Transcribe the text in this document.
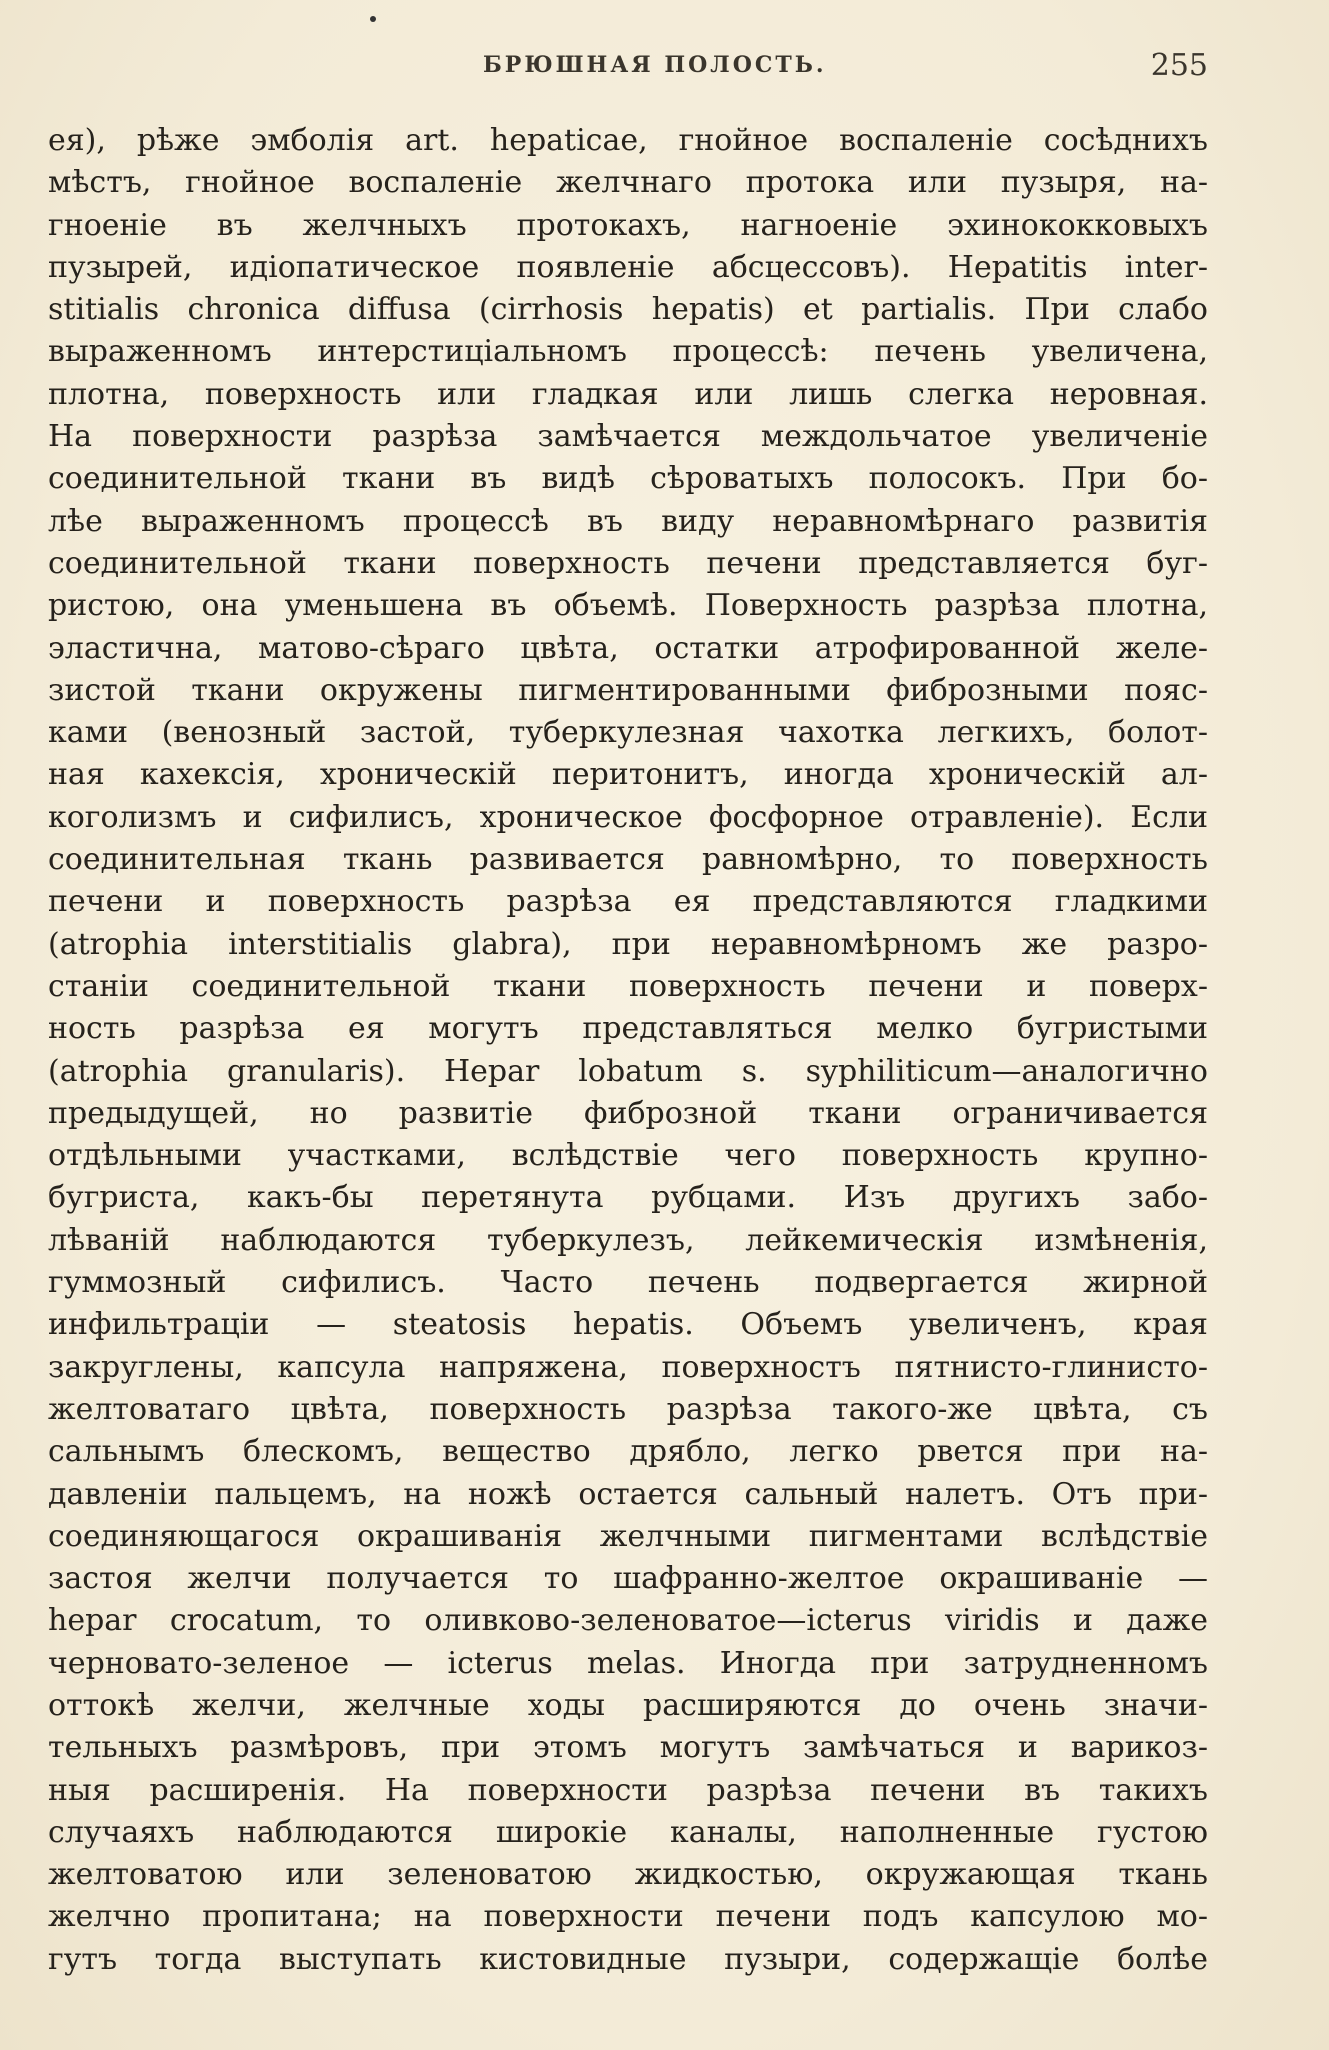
БРЮШНАЯ ПОЛОСТЬ.	255
ея), рѣже эмболія art. hepaticae, гнойное воспаленіе сосѣднихъ
мѣстъ, гнойное воспаленіе желчнаго протока или пузыря, на-
гноеніе въ желчныхъ протокахъ, нагноеніе эхинококковыхъ
пузырей, идіопатическое появленіе абсцессовъ). Hepatitis inter-
stitialis chronica diffusa (cirrhosis hepatis) et partialis. При слабо
выраженномъ интерстиціальномъ процессѣ: печень увеличена,
плотна, поверхность или гладкая или лишь слегка неровная.
На поверхности разрѣза замѣчается междольчатое увеличеніе
соединительной ткани въ видѣ сѣроватыхъ полосокъ. При бо-
лѣе выраженномъ процессѣ въ виду неравномѣрнаго развитія
соединительной ткани поверхность печени представляется буг-
ристою, она уменьшена въ объемѣ. Поверхность разрѣза плотна,
эластична, матово-сѣраго цвѣта, остатки атрофированной желе-
зистой ткани окружены пигментированными фиброзными пояс-
ками (венозный застой, туберкулезная чахотка легкихъ, болот-
ная кахексія, хроническій перитонитъ, иногда хроническій ал-
коголизмъ и сифилисъ, хроническое фосфорное отравленіе). Если
соединительная ткань развивается равномѣрно, то поверхность
печени и поверхность разрѣза ея представляются гладкими
(atrophia interstitialis glabra), при неравномѣрномъ же разро-
станіи соединительной ткани поверхность печени и поверх-
ность разрѣза ея могутъ представляться мелко бугристыми
(atrophia granularis). Hepar lobatum s. syphiliticum—аналогично
предыдущей, но развитіе фиброзной ткани ограничивается
отдѣльными участками, вслѣдствіе чего поверхность крупно-
бугриста, какъ-бы перетянута рубцами. Изъ другихъ забо-
лѣваній наблюдаются туберкулезъ, лейкемическія измѣненія,
гуммозный сифилисъ. Часто печень подвергается жирной
инфильтраціи — steatosis hepatis. Объемъ увеличенъ, края
закруглены, капсула напряжена, поверхностъ пятнисто-глинисто-
желтоватаго цвѣта, поверхность разрѣза такого-же цвѣта, съ
сальнымъ блескомъ, вещество дрябло, легко рвется при на-
давленіи пальцемъ, на ножѣ остается сальный налетъ. Отъ при-
соединяющагося окрашиванія желчными пигментами вслѣдствіе
застоя желчи получается то шафранно-желтое окрашиваніе —
hepar crocatum, то оливково-зеленоватое—icterus viridis и даже
черновато-зеленое — icterus melas. Иногда при затрудненномъ
оттокѣ желчи, желчные ходы расширяются до очень значи-
тельныхъ размѣровъ, при этомъ могутъ замѣчаться и варикоз-
ныя расширенія. На поверхности разрѣза печени въ такихъ
случаяхъ наблюдаются широкіе каналы, наполненные густою
желтоватою или зеленоватою жидкостью, окружающая ткань
желчно пропитана; на поверхности печени подъ капсулою мо-
гутъ тогда выступать кистовидные пузыри, содержащіе болѣе
